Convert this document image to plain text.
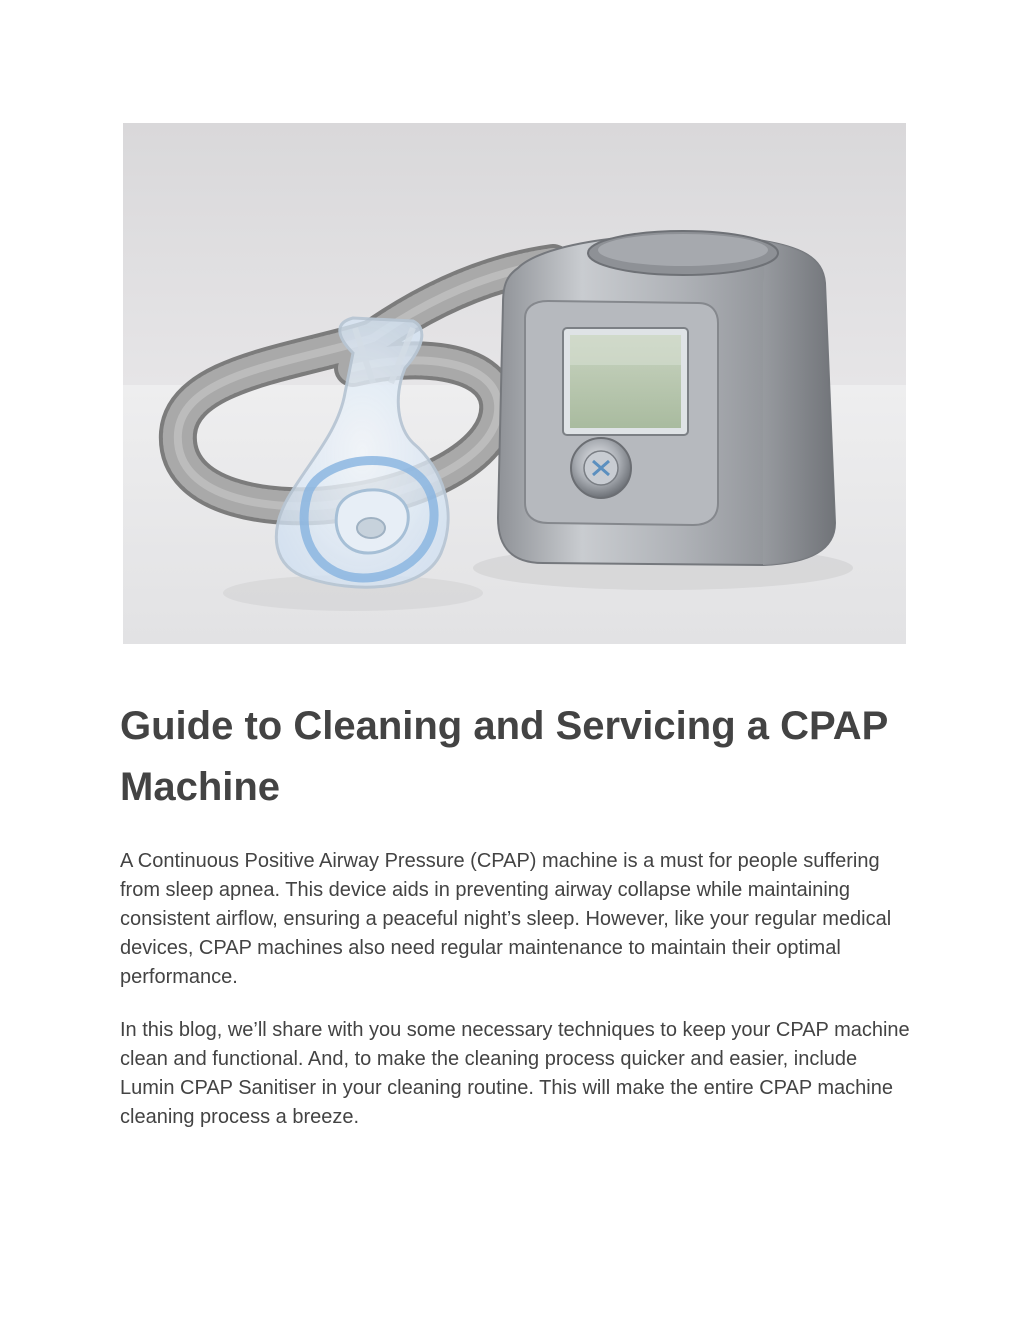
Guide to Cleaning and Servicing a CPAP Machine

A Continuous Positive Airway Pressure (CPAP) machine is a must for people suffering from sleep apnea. This device aids in preventing airway collapse while maintaining consistent airflow, ensuring a peaceful night’s sleep. However, like your regular medical devices, CPAP machines also need regular maintenance to maintain their optimal performance.

In this blog, we’ll share with you some necessary techniques to keep your CPAP machine clean and functional. And, to make the cleaning process quicker and easier, include Lumin CPAP Sanitiser in your cleaning routine. This will make the entire CPAP machine cleaning process a breeze.
